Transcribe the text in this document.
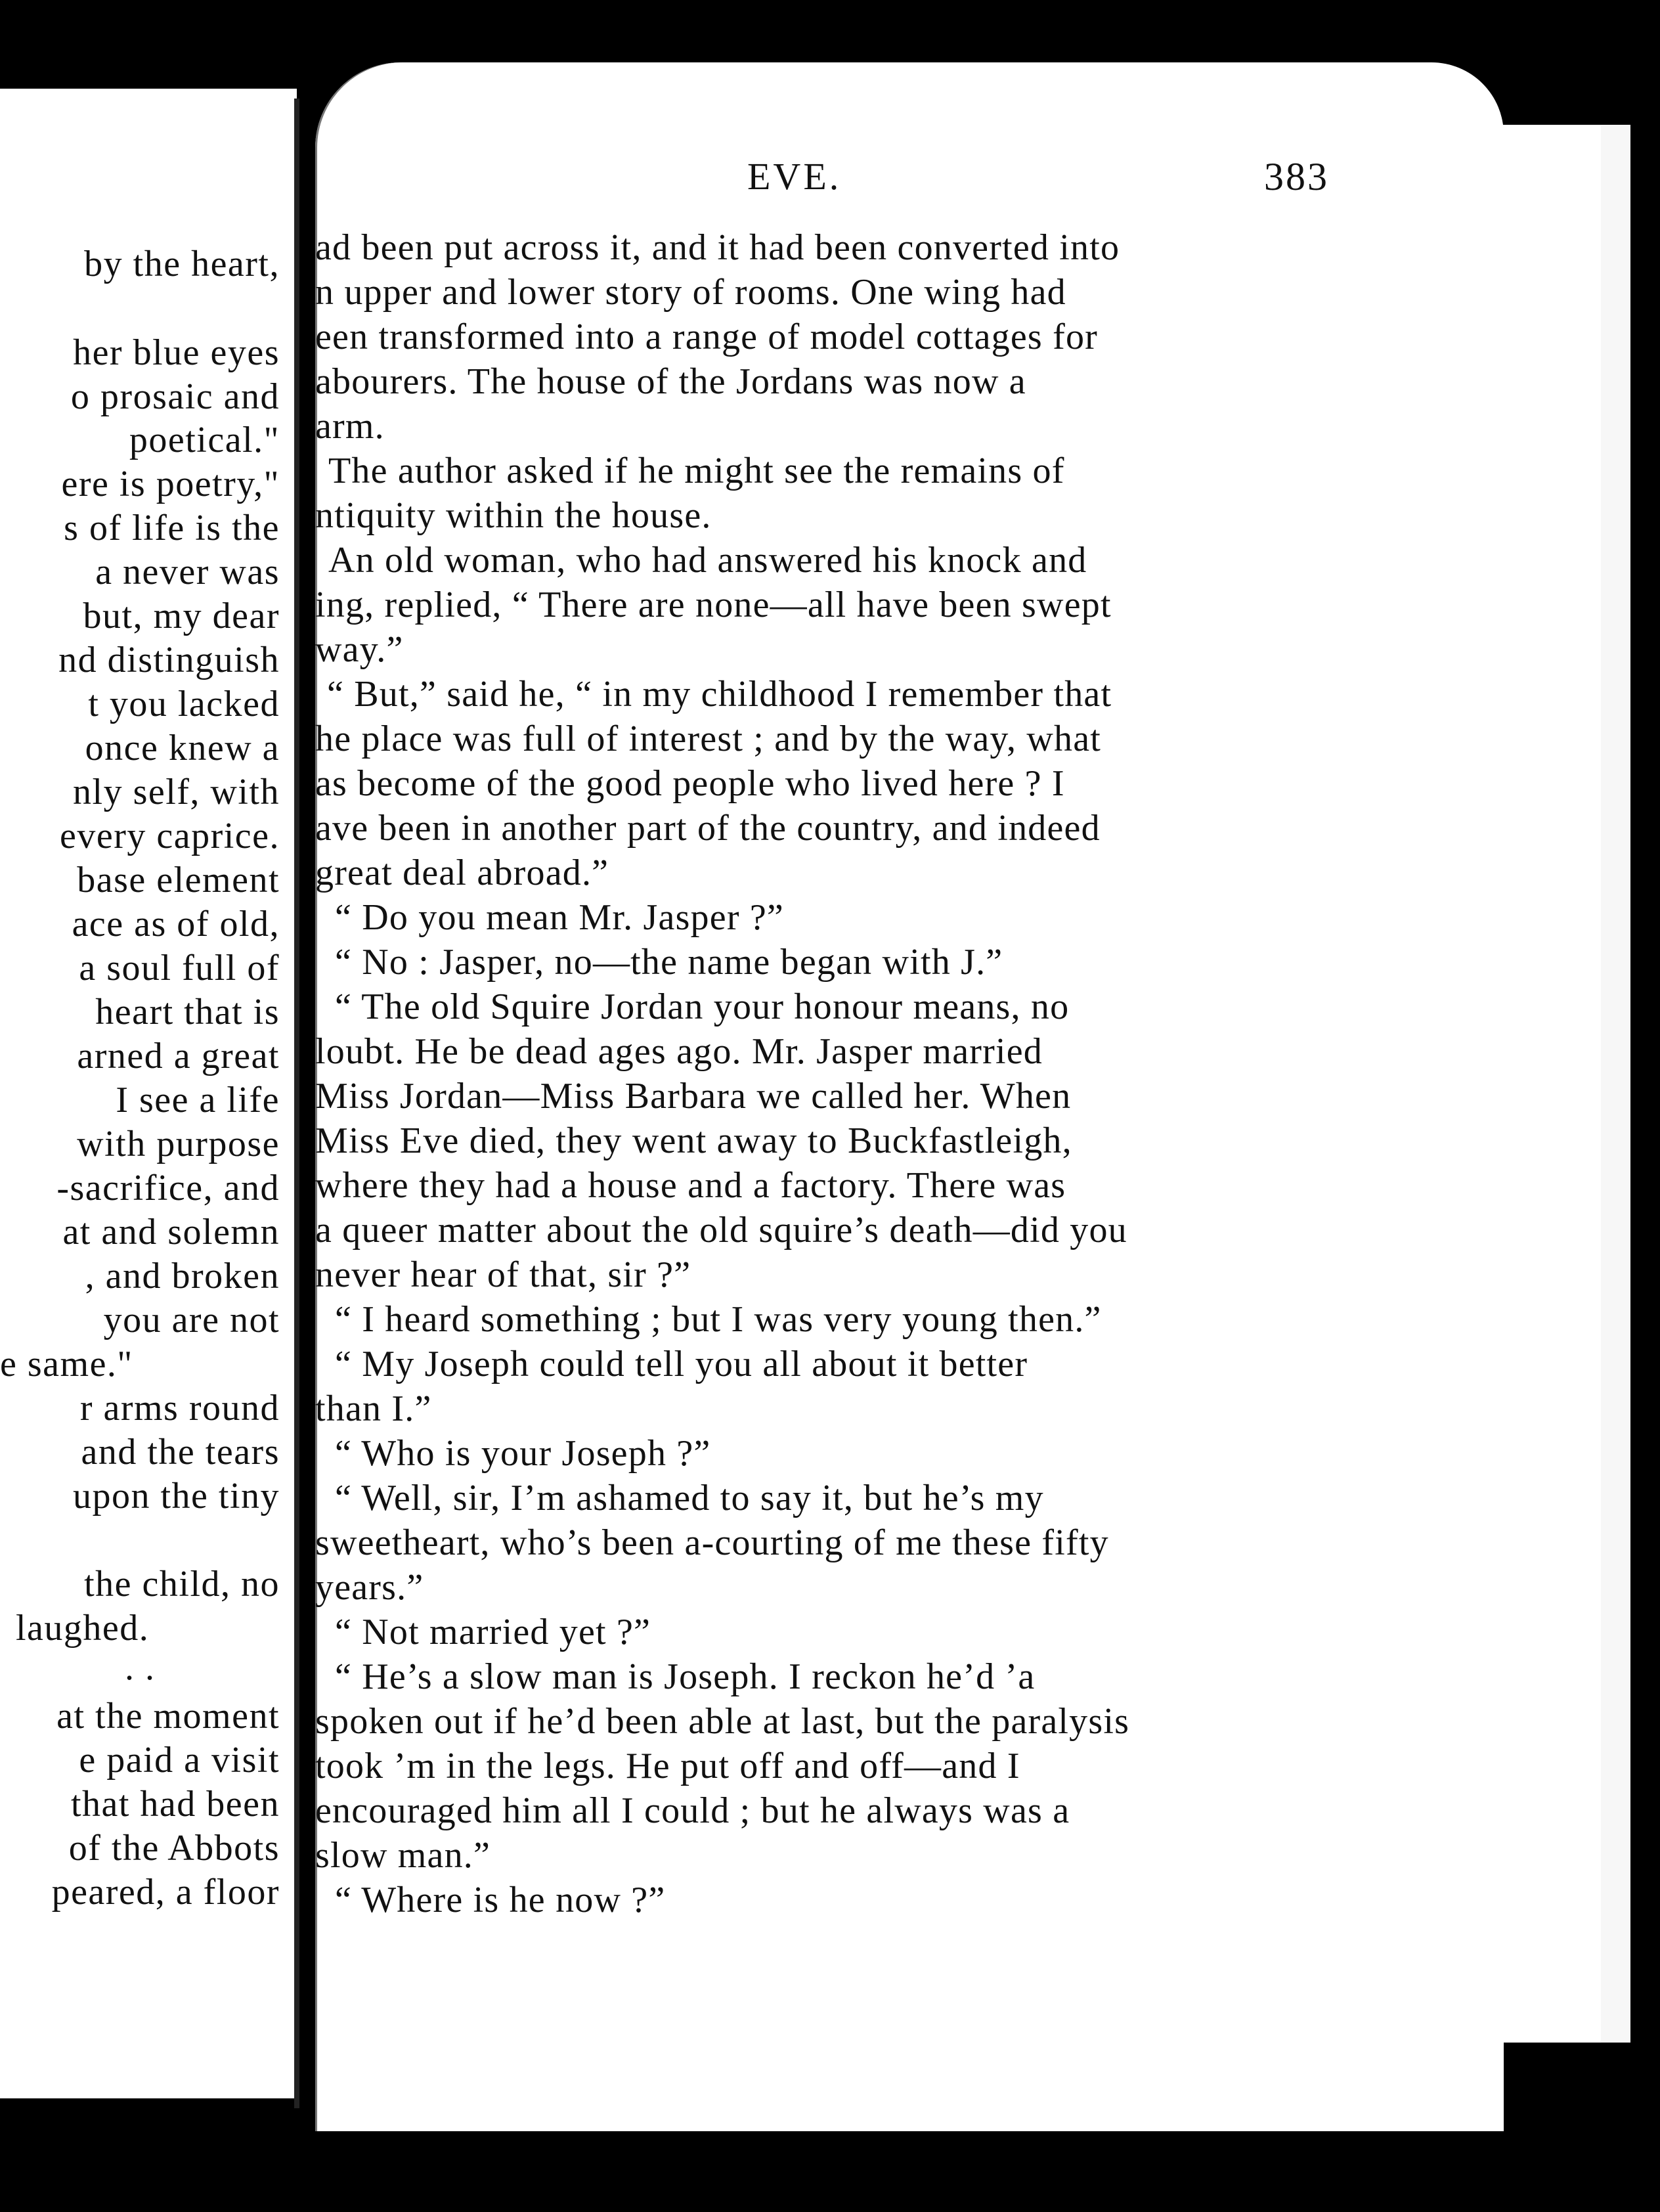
by the heart,
her blue eyes
o prosaic and
poetical."
ere is poetry,"
s of life is the
a never was
but, my dear
nd distinguish
t you lacked
once knew a
nly self, with
every caprice.
base element
ace as of old,
a soul full of
heart that is
arned a great
I see a life
with purpose
-sacrifice, and
at and solemn
, and broken
you are not
e same."
r arms round
and the tears
upon the tiny
the child, no
laughed.
. .
at the moment
e paid a visit
that had been
of the Abbots
peared, a floor
EVE.	383
ad been put across it, and it had been converted into
n upper and lower story of rooms. One wing had
een transformed into a range of model cottages for
abourers. The house of the Jordans was now a
arm.
The author asked if he might see the remains of
ntiquity within the house.
An old woman, who had answered his knock and
ing, replied, “ There are none—all have been swept
way.”
“ But,” said he, “ in my childhood I remember that
he place was full of interest ; and by the way, what
as become of the good people who lived here ? I
ave been in another part of the country, and indeed
great deal abroad.”
“ Do you mean Mr. Jasper ?”
“ No : Jasper, no—the name began with J.”
“ The old Squire Jordan your honour means, no
loubt. He be dead ages ago. Mr. Jasper married
Miss Jordan—Miss Barbara we called her. When
Miss Eve died, they went away to Buckfastleigh,
where they had a house and a factory. There was
a queer matter about the old squire’s death—did you
never hear of that, sir ?”
“ I heard something ; but I was very young then.”
“ My Joseph could tell you all about it better
than I.”
“ Who is your Joseph ?”
“ Well, sir, I’m ashamed to say it, but he’s my
sweetheart, who’s been a-courting of me these fifty
years.”
“ Not married yet ?”
“ He’s a slow man is Joseph. I reckon he’d ’a
spoken out if he’d been able at last, but the paralysis
took ’m in the legs. He put off and off—and I
encouraged him all I could ; but he always was a
slow man.”
“ Where is he now ?”
